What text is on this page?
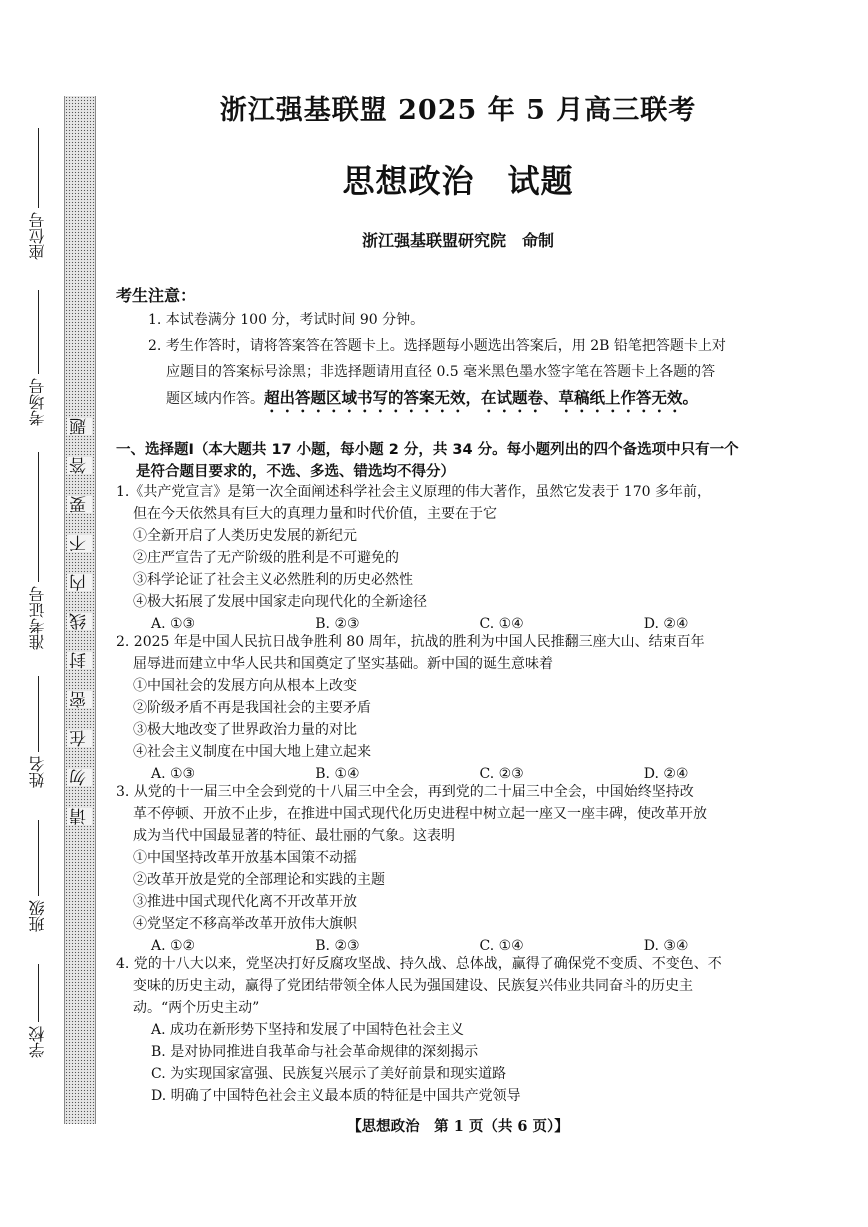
座位号
考场号
准考证号
姓名
班级
学校
题
答
要
不
内
线
封
密
在
勿
请
浙江强基联盟 2025 年 5 月高三联考
思想政治　试题
浙江强基联盟研究院　命制
考生注意：
1. 本试卷满分 100 分，考试时间 90 分钟。
2. 考生作答时，请将答案答在答题卡上。选择题每小题选出答案后，用 2B 铅笔把答题卡上对
应题目的答案标号涂黑；非选择题请用直径 0.5 毫米黑色墨水签字笔在答题卡上各题的答
题区域内作答。超出答题区域书写的答案无效，在试题卷、草稿纸上作答无效。
一、选择题Ⅰ（本大题共 17 小题，每小题 2 分，共 34 分。每小题列出的四个备选项中只有一个
是符合题目要求的，不选、多选、错选均不得分）
1.《共产党宣言》是第一次全面阐述科学社会主义原理的伟大著作，虽然它发表于 170 多年前，
但在今天依然具有巨大的真理力量和时代价值，主要在于它
①全新开启了人类历史发展的新纪元
②庄严宣告了无产阶级的胜利是不可避免的
③科学论证了社会主义必然胜利的历史必然性
④极大拓展了发展中国家走向现代化的全新途径
A. ①③	B. ②③	C. ①④	D. ②④
2. 2025 年是中国人民抗日战争胜利 80 周年，抗战的胜利为中国人民推翻三座大山、结束百年
屈辱进而建立中华人民共和国奠定了坚实基础。新中国的诞生意味着
①中国社会的发展方向从根本上改变
②阶级矛盾不再是我国社会的主要矛盾
③极大地改变了世界政治力量的对比
④社会主义制度在中国大地上建立起来
A. ①③	B. ①④	C. ②③	D. ②④
3. 从党的十一届三中全会到党的十八届三中全会，再到党的二十届三中全会，中国始终坚持改
革不停顿、开放不止步，在推进中国式现代化历史进程中树立起一座又一座丰碑，使改革开放
成为当代中国最显著的特征、最壮丽的气象。这表明
①中国坚持改革开放基本国策不动摇
②改革开放是党的全部理论和实践的主题
③推进中国式现代化离不开改革开放
④党坚定不移高举改革开放伟大旗帜
A. ①②	B. ②③	C. ①④	D. ③④
4. 党的十八大以来，党坚决打好反腐攻坚战、持久战、总体战，赢得了确保党不变质、不变色、不
变味的历史主动，赢得了党团结带领全体人民为强国建设、民族复兴伟业共同奋斗的历史主
动。“两个历史主动”
A. 成功在新形势下坚持和发展了中国特色社会主义
B. 是对协同推进自我革命与社会革命规律的深刻揭示
C. 为实现国家富强、民族复兴展示了美好前景和现实道路
D. 明确了中国特色社会主义最本质的特征是中国共产党领导
【思想政治　第 1 页（共 6 页）】
